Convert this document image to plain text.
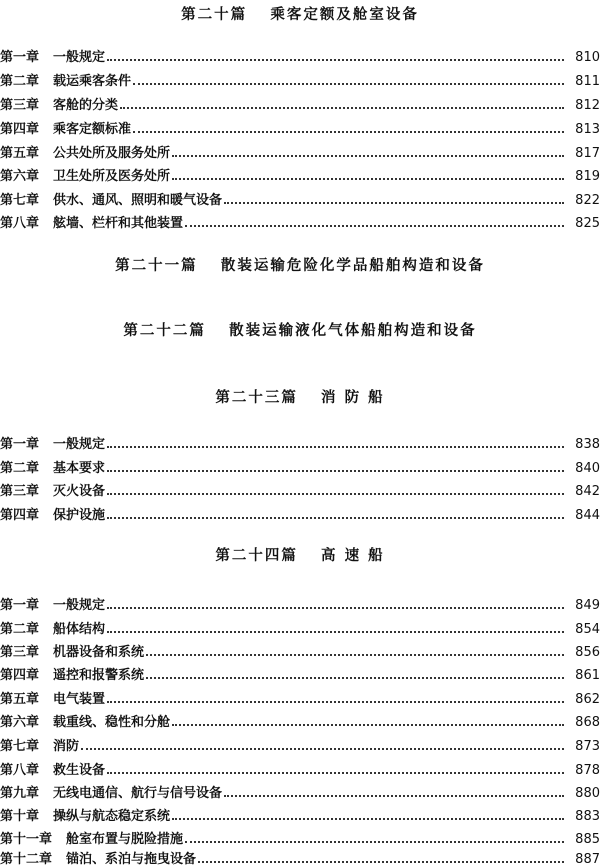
第二十篇 乘客定额及舱室设备
第一章 一般规定	810
第二章 载运乘客条件	811
第三章 客舱的分类	812
第四章 乘客定额标准	813
第五章 公共处所及服务处所	817
第六章 卫生处所及医务处所	819
第七章 供水、通风、照明和暖气设备	822
第八章 舷墙、栏杆和其他装置	825
第二十一篇 散装运输危险化学品船舶构造和设备
第二十二篇 散装运输液化气体船舶构造和设备
第二十三篇 消 防 船
第一章 一般规定	838
第二章 基本要求	840
第三章 灭火设备	842
第四章 保护设施	844
第二十四篇 高 速 船
第一章 一般规定	849
第二章 船体结构	854
第三章 机器设备和系统	856
第四章 遥控和报警系统	861
第五章 电气装置	862
第六章 载重线、稳性和分舱	868
第七章 消防	873
第八章 救生设备	878
第九章 无线电通信、航行与信号设备	880
第十章 操纵与航态稳定系统	883
第十一章 舱室布置与脱险措施	885
第十二章 锚泊、系泊与拖曳设备	887
